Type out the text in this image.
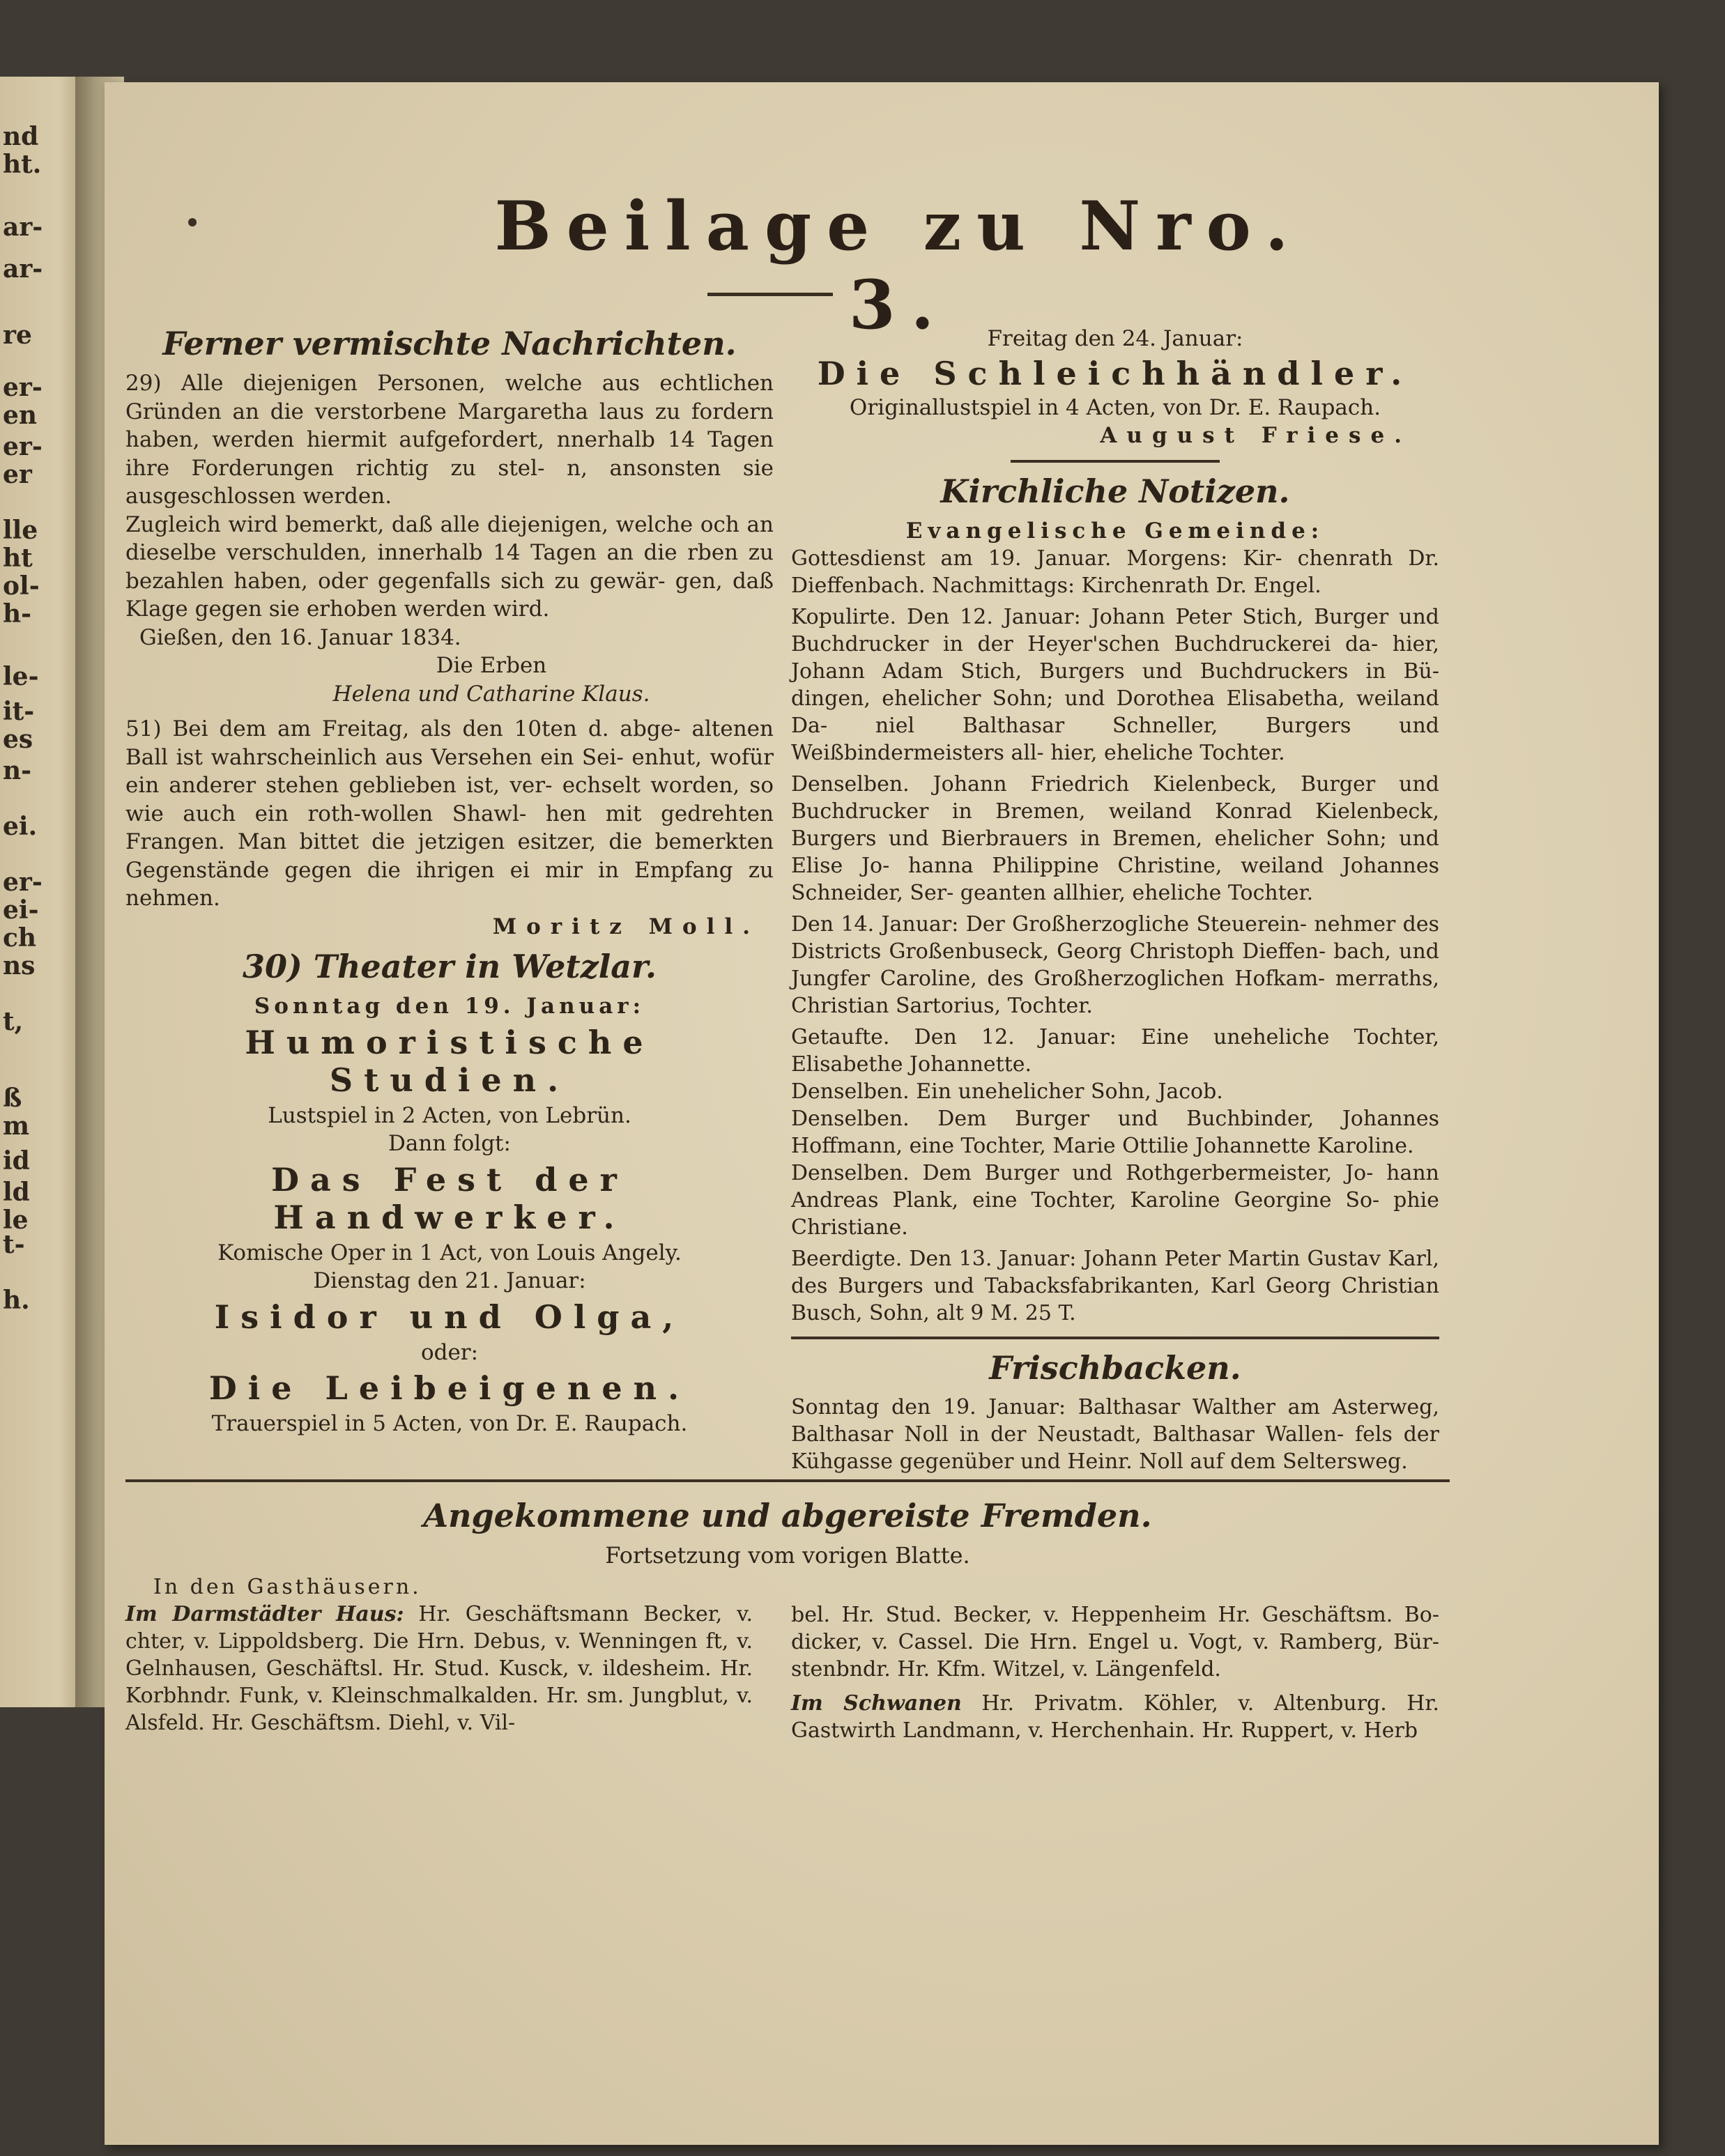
nd
ht.
ar-
ar-
re
er-
en
er-
er
lle
ht
ol-
h-
le-
it-
es
n-
ei.
er-
ei-
ch
ns
t,
ß
m
id
ld
le
t-
h.
Beilage zu Nro. 3.
Ferner vermischte Nachrichten.

29) Alle diejenigen Personen, welche aus echtlichen Gründen an die verstorbene Margaretha laus zu fordern haben, werden hiermit aufgefordert, nnerhalb 14 Tagen ihre Forderungen richtig zu stel- n, ansonsten sie ausgeschlossen werden.

Zugleich wird bemerkt, daß alle diejenigen, welche och an dieselbe verschulden, innerhalb 14 Tagen an die rben zu bezahlen haben, oder gegenfalls sich zu gewär- gen, daß Klage gegen sie erhoben werden wird.

Gießen, den 16. Januar 1834.

Die Erben

Helena und Catharine Klaus.

51) Bei dem am Freitag, als den 10ten d. abge- altenen Ball ist wahrscheinlich aus Versehen ein Sei- enhut, wofür ein anderer stehen geblieben ist, ver- echselt worden, so wie auch ein roth-wollen Shawl- hen mit gedrehten Frangen. Man bittet die jetzigen esitzer, die bemerkten Gegenstände gegen die ihrigen ei mir in Empfang zu nehmen.

Moritz Moll.

30) Theater in Wetzlar.

Sonntag den 19. Januar:

Humoristische Studien.

Lustspiel in 2 Acten, von Lebrün.

Dann folgt:

Das Fest der Handwerker.

Komische Oper in 1 Act, von Louis Angely.

Dienstag den 21. Januar:

Isidor und Olga,

oder:

Die Leibeigenen.

Trauerspiel in 5 Acten, von Dr. E. Raupach.

Freitag den 24. Januar:

Die Schleichhändler.

Originallustspiel in 4 Acten, von Dr. E. Raupach.

August Friese.

Kirchliche Notizen.

Evangelische Gemeinde:

Gottesdienst am 19. Januar. Morgens: Kir- chenrath Dr. Dieffenbach. Nachmittags: Kirchenrath Dr. Engel.

Kopulirte. Den 12. Januar: Johann Peter Stich, Burger und Buchdrucker in der Heyer'schen Buchdruckerei da- hier, Johann Adam Stich, Burgers und Buchdruckers in Bü- dingen, ehelicher Sohn; und Dorothea Elisabetha, weiland Da- niel Balthasar Schneller, Burgers und Weißbindermeisters all- hier, eheliche Tochter.

Denselben. Johann Friedrich Kielenbeck, Burger und Buchdrucker in Bremen, weiland Konrad Kielenbeck, Burgers und Bierbrauers in Bremen, ehelicher Sohn; und Elise Jo- hanna Philippine Christine, weiland Johannes Schneider, Ser- geanten allhier, eheliche Tochter.

Den 14. Januar: Der Großherzogliche Steuerein- nehmer des Districts Großenbuseck, Georg Christoph Dieffen- bach, und Jungfer Caroline, des Großherzoglichen Hofkam- merraths, Christian Sartorius, Tochter.

Getaufte. Den 12. Januar: Eine uneheliche Tochter, Elisabethe Johannette.

Denselben. Ein unehelicher Sohn, Jacob.

Denselben. Dem Burger und Buchbinder, Johannes Hoffmann, eine Tochter, Marie Ottilie Johannette Karoline.

Denselben. Dem Burger und Rothgerbermeister, Jo- hann Andreas Plank, eine Tochter, Karoline Georgine So- phie Christiane.

Beerdigte. Den 13. Januar: Johann Peter Martin Gustav Karl, des Burgers und Tabacksfabrikanten, Karl Georg Christian Busch, Sohn, alt 9 M. 25 T.

Frischbacken.

Sonntag den 19. Januar: Balthasar Walther am Asterweg, Balthasar Noll in der Neustadt, Balthasar Wallen- fels der Kühgasse gegenüber und Heinr. Noll auf dem Seltersweg.

Angekommene und abgereiste Fremden.
Fortsetzung vom vorigen Blatte.

In den Gasthäusern.

Im Darmstädter Haus: Hr. Geschäftsmann Becker, v. chter, v. Lippoldsberg. Die Hrn. Debus, v. Wenningen ft, v. Gelnhausen, Geschäftsl. Hr. Stud. Kusck, v. ildesheim. Hr. Korbhndr. Funk, v. Kleinschmalkalden. Hr. sm. Jungblut, v. Alsfeld. Hr. Geschäftsm. Diehl, v. Vil-

bel. Hr. Stud. Becker, v. Heppenheim Hr. Geschäftsm. Bo- dicker, v. Cassel. Die Hrn. Engel u. Vogt, v. Ramberg, Bür- stenbndr. Hr. Kfm. Witzel, v. Längenfeld.

Im Schwanen Hr. Privatm. Köhler, v. Altenburg. Hr. Gastwirth Landmann, v. Herchenhain. Hr. Ruppert, v. Herb
